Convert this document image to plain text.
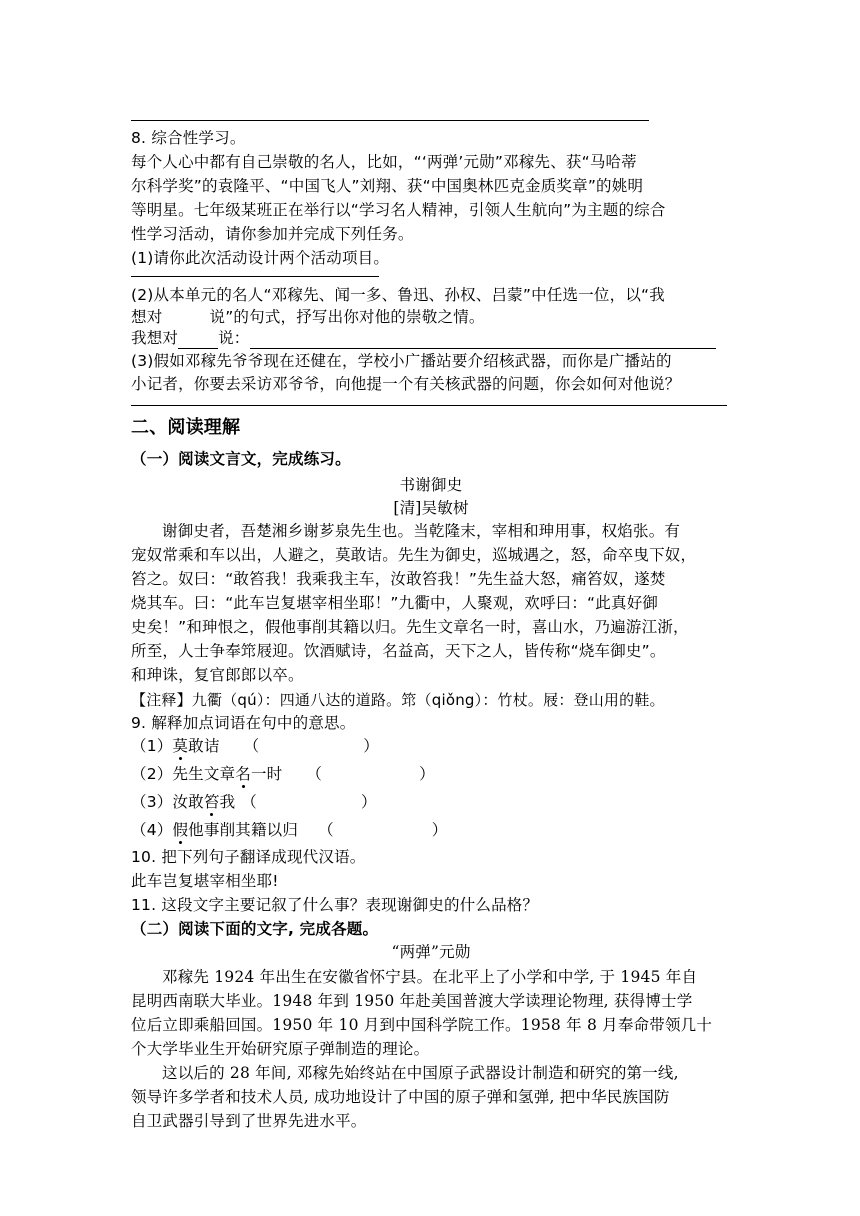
8. 综合性学习。
每个人心中都有自己崇敬的名人，比如，“‘两弹’元勋”邓稼先、获“马哈蒂
尔科学奖”的袁隆平、“中国飞人”刘翔、获“中国奥林匹克金质奖章”的姚明
等明星。七年级某班正在举行以“学习名人精神，引领人生航向”为主题的综合
性学习活动，请你参加并完成下列任务。
(1)请你此次活动设计两个活动项目。
(2)从本单元的名人“邓稼先、闻一多、鲁迅、孙权、吕蒙”中任选一位，以“我
想对　　　说”的句式，抒写出你对他的崇敬之情。
我想对	说：
(3)假如邓稼先爷爷现在还健在，学校小广播站要介绍核武器，而你是广播站的
小记者，你要去采访邓爷爷，向他提一个有关核武器的问题，你会如何对他说？
二、阅读理解
（一）阅读文言文，完成练习。
书谢御史
[清]吴敏树
谢御史者，吾楚湘乡谢芗泉先生也。当乾隆末，宰相和珅用事，权焰张。有
宠奴常乘和车以出，人避之，莫敢诘。先生为御史，巡城遇之，怒，命卒曳下奴，
笞之。奴曰：“敢笞我！我乘我主车，汝敢笞我！”先生益大怒，痛笞奴，遂焚
烧其车。曰：“此车岂复堪宰相坐耶！”九衢中，人聚观，欢呼曰：“此真好御
史矣！”和珅恨之，假他事削其籍以归。先生文章名一时，喜山水，乃遍游江浙，
所至，人士争奉筇屐迎。饮酒赋诗，名益高，天下之人，皆传称“烧车御史”。
和珅诛，复官郎郎以卒。
【注释】九衢（qú）：四通八达的道路。筇（qiǒng）：竹杖。屐：登山用的鞋。
9. 解释加点词语在句中的意思。
（1）莫敢诘 （	）
（2）先生文章名一时 （	）
（3）汝敢笞我 （	）
（4）假他事削其籍以归 （	）
10. 把下列句子翻译成现代汉语。
此车岂复堪宰相坐耶!
11. 这段文字主要记叙了什么事？表现谢御史的什么品格？
（二）阅读下面的文字, 完成各题。
“两弹”元勋
邓稼先 1924 年出生在安徽省怀宁县。在北平上了小学和中学, 于 1945 年自
昆明西南联大毕业。1948 年到 1950 年赴美国普渡大学读理论物理, 获得博士学
位后立即乘船回国。1950 年 10 月到中国科学院工作。1958 年 8 月奉命带领几十
个大学毕业生开始研究原子弹制造的理论。
这以后的 28 年间, 邓稼先始终站在中国原子武器设计制造和研究的第一线,
领导许多学者和技术人员, 成功地设计了中国的原子弹和氢弹, 把中华民族国防
自卫武器引导到了世界先进水平。
